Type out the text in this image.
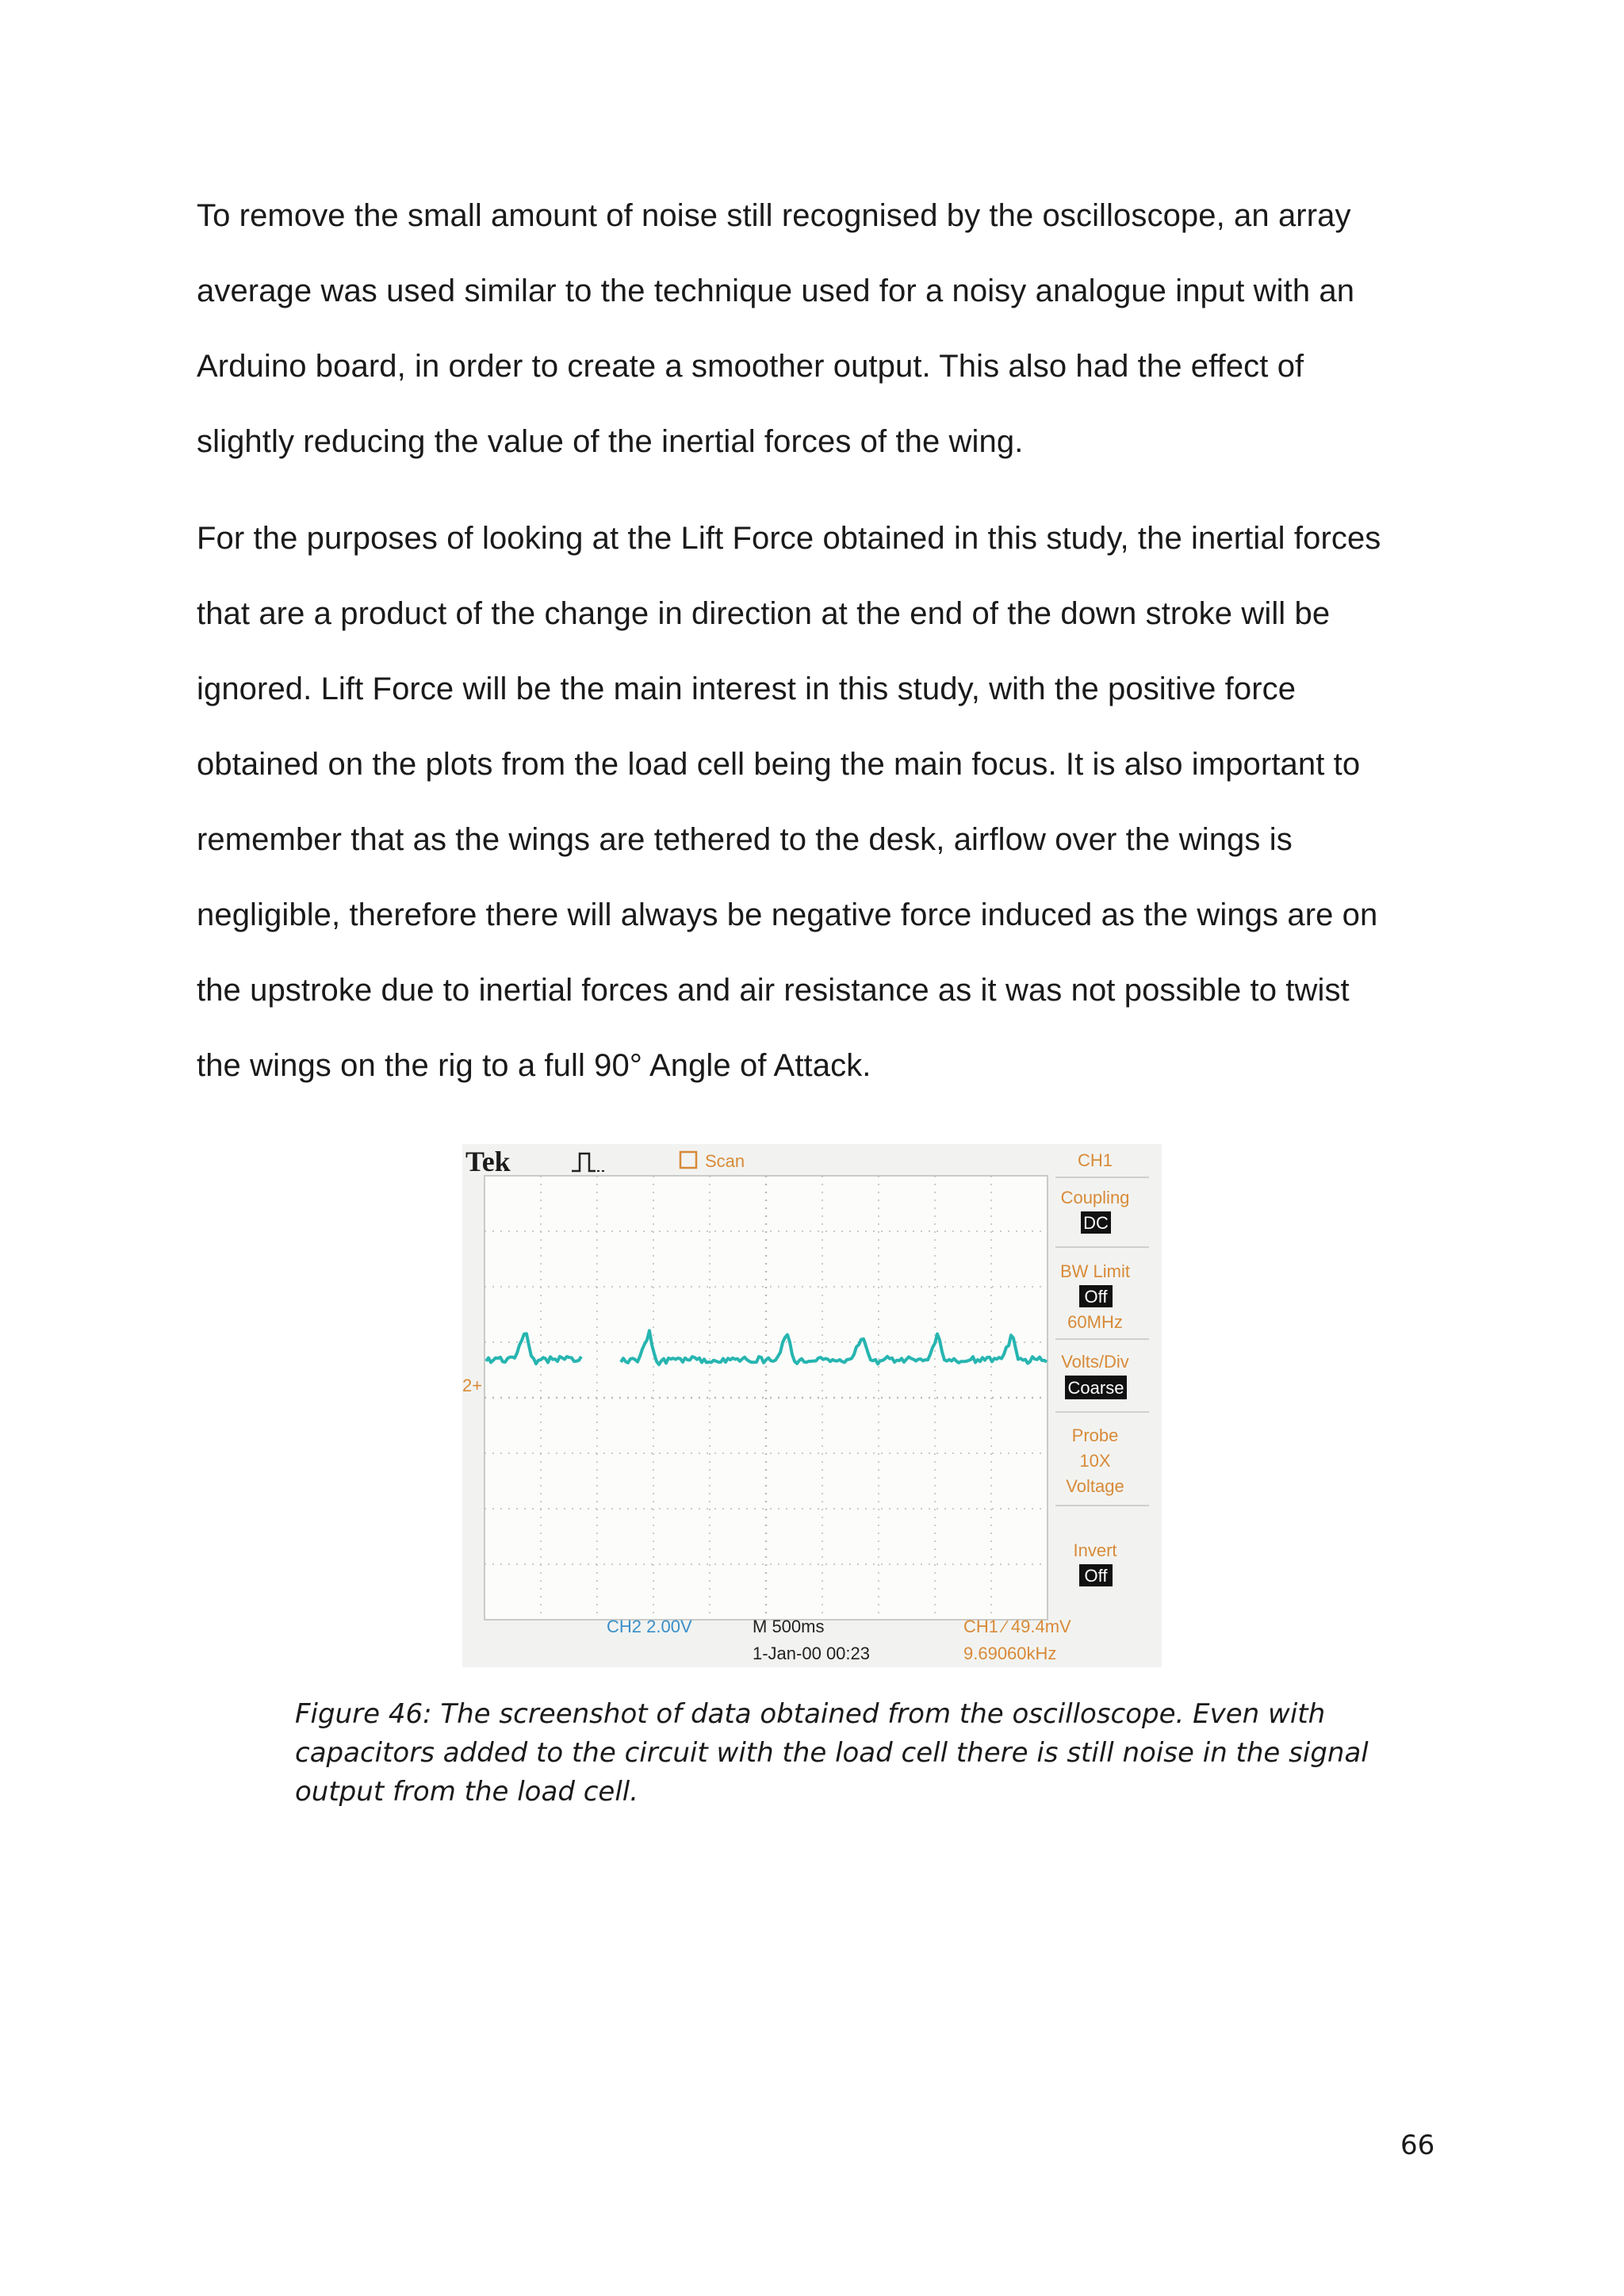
To remove the small amount of noise still recognised by the oscilloscope, an array
average was used similar to the technique used for a noisy analogue input with an
Arduino board, in order to create a smoother output. This also had the effect of
slightly reducing the value of the inertial forces of the wing.
For the purposes of looking at the Lift Force obtained in this study, the inertial forces
that are a product of the change in direction at the end of the down stroke will be
ignored. Lift Force will be the main interest in this study, with the positive force
obtained on the plots from the load cell being the main focus. It is also important to
remember that as the wings are tethered to the desk, airflow over the wings is
negligible, therefore there will always be negative force induced as the wings are on
the upstroke due to inertial forces and air resistance as it was not possible to twist
the wings on the rig to a full 90° Angle of Attack.
Tek	Scan	CH1
Coupling
DC
BW Limit
Off
60MHz
Volts/Div
Coarse
Probe
10X
Voltage
Invert
Off
2+
CH2 2.00V	M 500ms
1-Jan-00 00:23
CH1 ∕ 49.4mV
9.69060kHz

Figure 46: The screenshot of data obtained from the oscilloscope. Even with
capacitors added to the circuit with the load cell there is still noise in the signal
output from the load cell.

66
